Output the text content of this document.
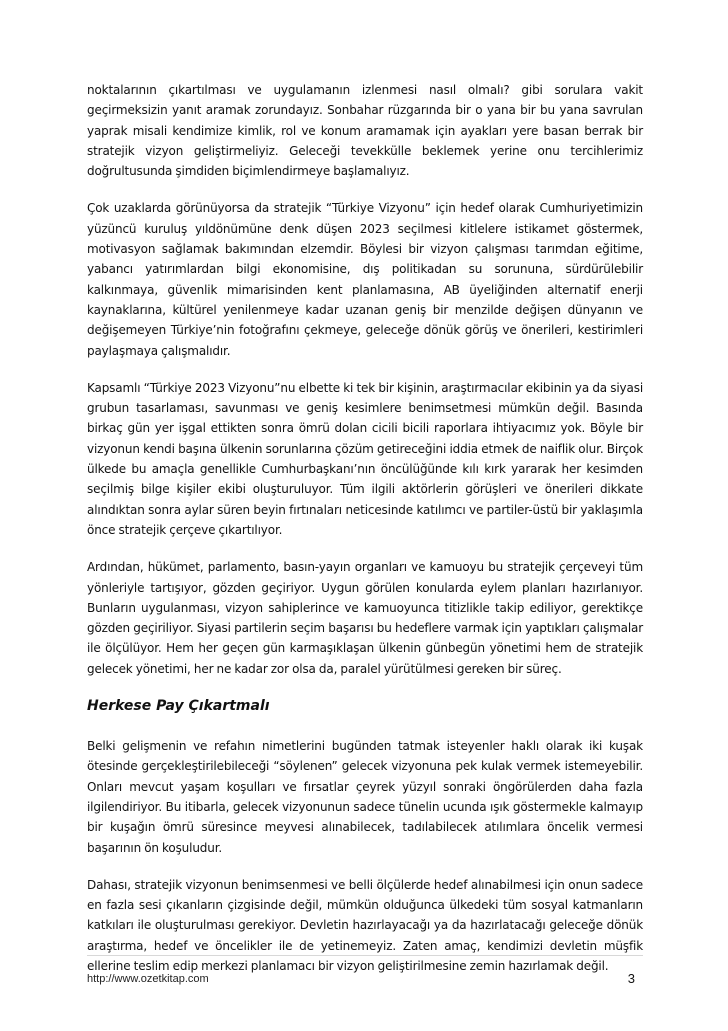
noktalarının çıkartılması ve uygulamanın izlenmesi nasıl olmalı? gibi sorulara vakit geçirmeksizin yanıt aramak zorundayız. Sonbahar rüzgarında bir o yana bir bu yana savrulan yaprak misali kendimize kimlik, rol ve konum aramamak için ayakları yere basan berrak bir stratejik vizyon geliştirmeliyiz. Geleceği tevekkülle beklemek yerine onu tercihlerimiz doğrultusunda şimdiden biçimlendirmeye başlamalıyız.

Çok uzaklarda görünüyorsa da stratejik “Türkiye Vizyonu” için hedef olarak Cumhuriyetimizin yüzüncü kuruluş yıldönümüne denk düşen 2023 seçilmesi kitlelere istikamet göstermek, motivasyon sağlamak bakımından elzemdir. Böylesi bir vizyon çalışması tarımdan eğitime, yabancı yatırımlardan bilgi ekonomisine, dış politikadan su sorununa, sürdürülebilir kalkınmaya, güvenlik mimarisinden kent planlamasına, AB üyeliğinden alternatif enerji kaynaklarına, kültürel yenilenmeye kadar uzanan geniş bir menzilde değişen dünyanın ve değişemeyen Türkiye’nin fotoğrafını çekmeye, geleceğe dönük görüş ve önerileri, kestirimleri paylaşmaya çalışmalıdır.

Kapsamlı “Türkiye 2023 Vizyonu”nu elbette ki tek bir kişinin, araştırmacılar ekibinin ya da siyasi grubun tasarlaması, savunması ve geniş kesimlere benimsetmesi mümkün değil. Basında birkaç gün yer işgal ettikten sonra ömrü dolan cicili bicili raporlara ihtiyacımız yok. Böyle bir vizyonun kendi başına ülkenin sorunlarına çözüm getireceğini iddia etmek de naiflik olur. Birçok ülkede bu amaçla genellikle Cumhurbaşkanı’nın öncülüğünde kılı kırk yararak her kesimden seçilmiş bilge kişiler ekibi oluşturuluyor. Tüm ilgili aktörlerin görüşleri ve önerileri dikkate alındıktan sonra aylar süren beyin fırtınaları neticesinde katılımcı ve partiler-üstü bir yaklaşımla önce stratejik çerçeve çıkartılıyor.

Ardından, hükümet, parlamento, basın-yayın organları ve kamuoyu bu stratejik çerçeveyi tüm yönleriyle tartışıyor, gözden geçiriyor. Uygun görülen konularda eylem planları hazırlanıyor. Bunların uygulanması, vizyon sahiplerince ve kamuoyunca titizlikle takip ediliyor, gerektikçe gözden geçiriliyor. Siyasi partilerin seçim başarısı bu hedeflere varmak için yaptıkları çalışmalar ile ölçülüyor. Hem her geçen gün karmaşıklaşan ülkenin günbegün yönetimi hem de stratejik gelecek yönetimi, her ne kadar zor olsa da, paralel yürütülmesi gereken bir süreç.

Herkese Pay Çıkartmalı

Belki gelişmenin ve refahın nimetlerini bugünden tatmak isteyenler haklı olarak iki kuşak ötesinde gerçekleştirilebileceği “söylenen” gelecek vizyonuna pek kulak vermek istemeyebilir. Onları mevcut yaşam koşulları ve fırsatlar çeyrek yüzyıl sonraki öngörülerden daha fazla ilgilendiriyor. Bu itibarla, gelecek vizyonunun sadece tünelin ucunda ışık göstermekle kalmayıp bir kuşağın ömrü süresince meyvesi alınabilecek, tadılabilecek atılımlara öncelik vermesi başarının ön koşuludur.

Dahası, stratejik vizyonun benimsenmesi ve belli ölçülerde hedef alınabilmesi için onun sadece en fazla sesi çıkanların çizgisinde değil, mümkün olduğunca ülkedeki tüm sosyal katmanların katkıları ile oluşturulması gerekiyor. Devletin hazırlayacağı ya da hazırlatacağı geleceğe dönük araştırma, hedef ve öncelikler ile de yetinemeyiz. Zaten amaç, kendimizi devletin müşfik ellerine teslim edip merkezi planlamacı bir vizyon geliştirilmesine zemin hazırlamak değil.

http://www.ozetkitap.com	3
